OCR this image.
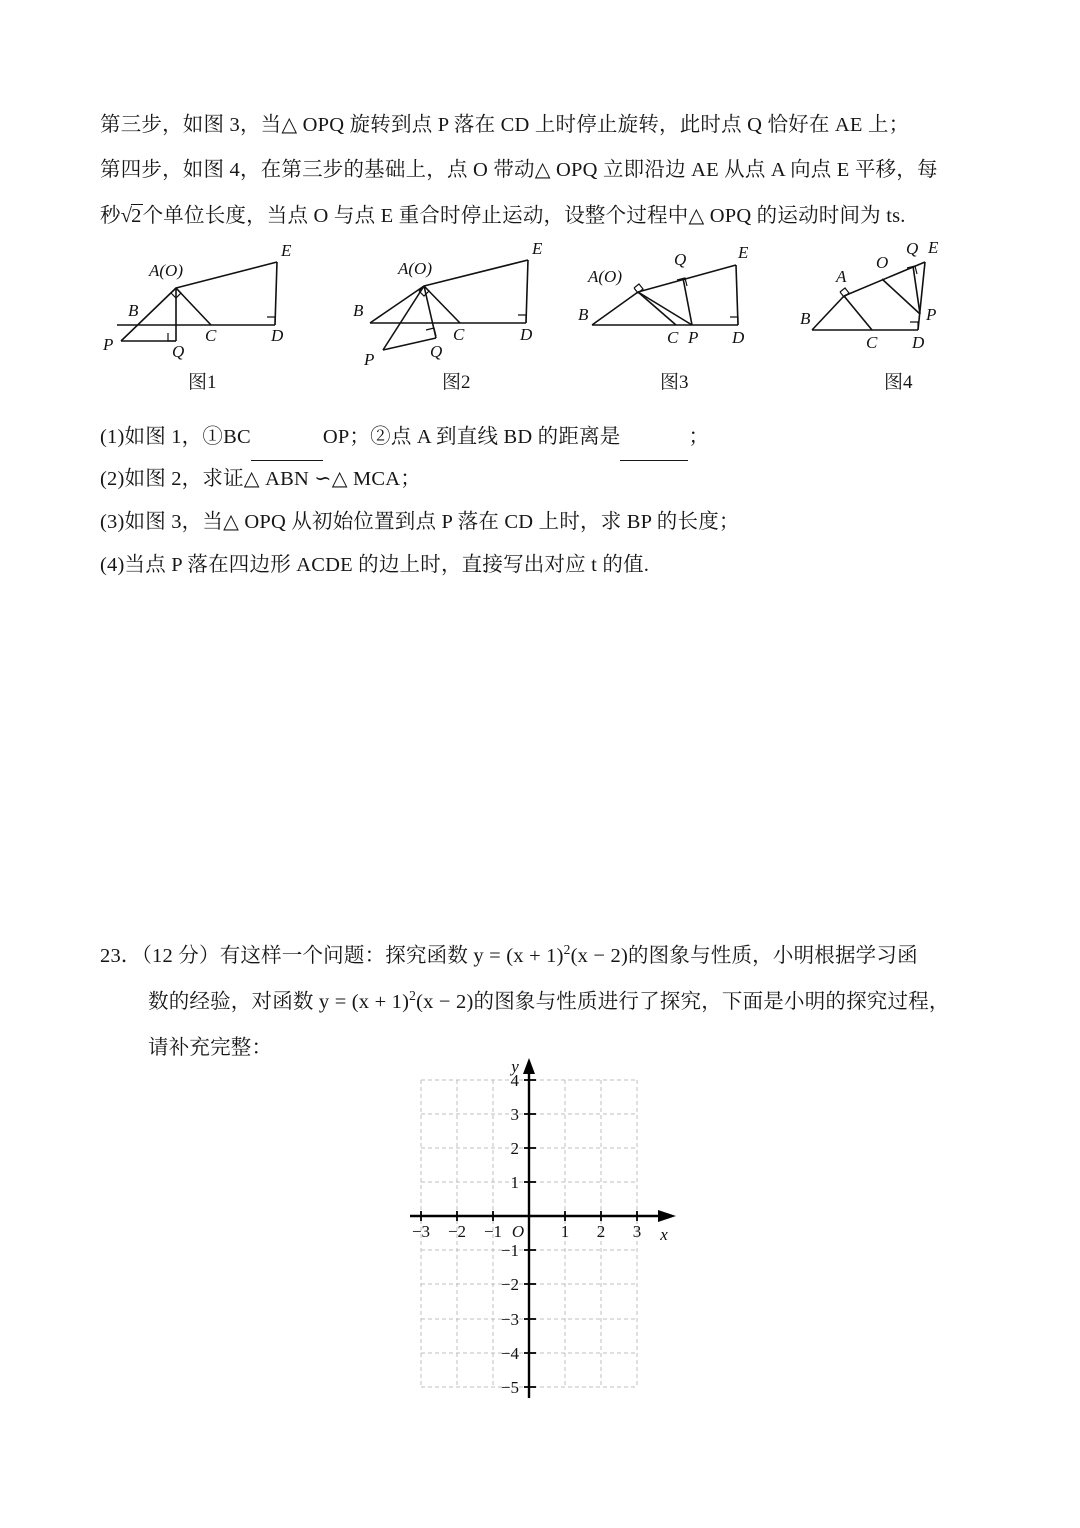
第三步，如图 3，当△ OPQ 旋转到点 P 落在 CD 上时停止旋转，此时点 Q 恰好在 AE 上；
第四步，如图 4，在第三步的基础上，点 O 带动△ OPQ 立即沿边 AE 从点 A 向点 E 平移，每
秒√2个单位长度，当点 O 与点 E 重合时停止运动，设整个过程中△ OPQ 的运动时间为 ts.
A(O)
E
B
C	D
P	Q
图1
A(O)
E
B
C	D
P	Q
图2
A(O)
Q	E
B
C P D
图3
A
O
Q E
B
C D
P
图4
(1)如图 1，①BC	OP；②点 A 到直线 BD 的距离是	；
(2)如图 2，求证△ ABN ∽△ MCA；
(3)如图 3，当△ OPQ 从初始位置到点 P 落在 CD 上时，求 BP 的长度；
(4)当点 P 落在四边形 ACDE 的边上时，直接 ..写出对应 t 的值.
23．（12 分）有这样一个问题：探究函数 $y = (x + 1)^2(x - 2)$的图象与性质，小明根据学习函
数的经验，对函数 $y = (x + 1)^2(x - 2)$的图象与性质进行了探究，下面是小明的探究过程，
请补充完整：
−3 −2 −1	1 2 3
4
3
2
1
−1
−2
−3
−4
−5
O	x
y
